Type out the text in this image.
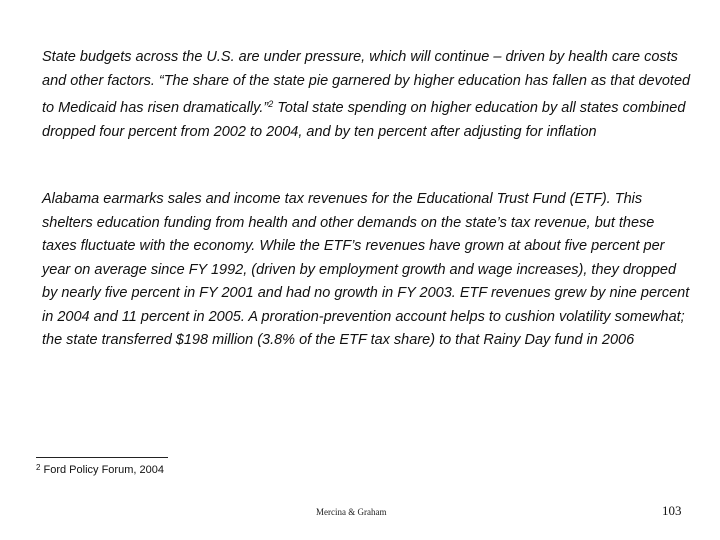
State budgets across the U.S. are under pressure, which will continue – driven by health care costs and other factors. “The share of the state pie garnered by higher education has fallen as that devoted to Medicaid has risen dramatically.”$^2$ Total state spending on higher education by all states combined dropped four percent from 2002 to 2004, and by ten percent after adjusting for inflation

Alabama earmarks sales and income tax revenues for the Educational Trust Fund (ETF). This shelters education funding from health and other demands on the state’s tax revenue, but these taxes fluctuate with the economy. While the ETF’s revenues have grown at about five percent per year on average since FY 1992, (driven by employment growth and wage increases), they dropped by nearly five percent in FY 2001 and had no growth in FY 2003. ETF revenues grew by nine percent in 2004 and 11 percent in 2005. A proration-prevention account helps to cushion volatility somewhat; the state transferred $198 million (3.8% of the ETF tax share) to that Rainy Day fund in 2006

$^2$ Ford Policy Forum, 2004

Mercina & Graham	103
